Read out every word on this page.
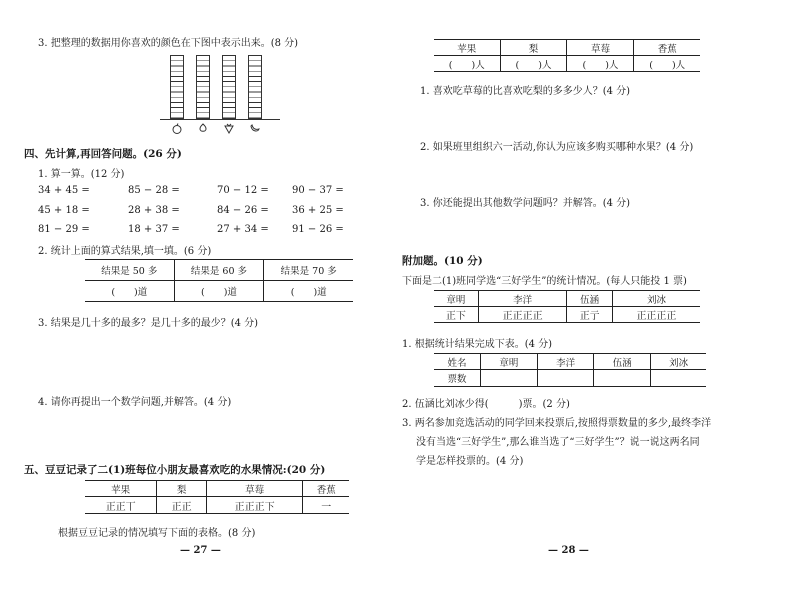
3. 把整理的数据用你喜欢的颜色在下图中表示出来。(8 分)
四、先计算,再回答问题。(26 分)
1. 算一算。(12 分)
34 + 45 =	85 − 28 =	70 − 12 = 90 − 37 =
45 + 18 =	28 + 38 =	84 − 26 = 36 + 25 =
81 − 29 =	18 + 37 =	27 + 34 = 91 − 26 =
2. 统计上面的算式结果,填一填。(6 分)
结果是 50 多	结果是 60 多	结果是 70 多
(　　)道	(　　)道	(　　)道
3. 结果是几十多的最多？是几十多的最少？(4 分)
4. 请你再提出一个数学问题,并解答。(4 分)
五、豆豆记录了二(1)班每位小朋友最喜欢吃的水果情况:(20 分)
苹果	梨	草莓	香蕉
正正丅	正正	正正正下	一
根据豆豆记录的情况填写下面的表格。(8 分)
— 27 —
苹果	梨	草莓	香蕉
(　　)人	(　　)人	(　　)人	(　　)人
1. 喜欢吃草莓的比喜欢吃梨的多多少人？(4 分)
2. 如果班里组织六一活动,你认为应该多购买哪种水果？(4 分)
3. 你还能提出其他数学问题吗？并解答。(4 分)
附加题。(10 分)
下面是二(1)班同学选“三好学生”的统计情况。(每人只能投 1 票)
章明	李洋	伍涵	刘冰
正下	正正正正	正亍	正正正正
1. 根据统计结果完成下表。(4 分)
姓名	章明	李洋	伍涵	刘冰
票数				
2. 伍涵比刘冰少得(　　　)票。(2 分)
3. 两名参加竞选活动的同学回来投票后,按照得票数量的多少,最终李洋
没有当选“三好学生”,那么谁当选了“三好学生”？说一说这两名同
学是怎样投票的。(4 分)
— 28 —
